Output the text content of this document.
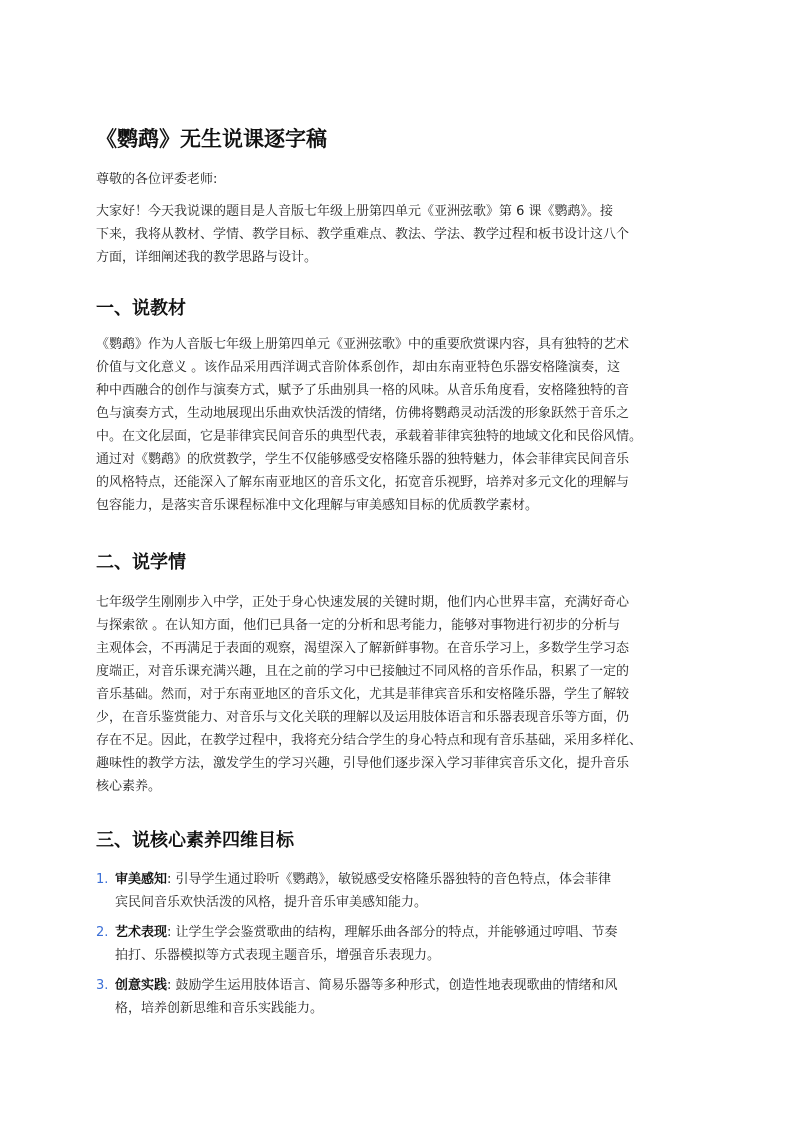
《鹦鹉》无生说课逐字稿
尊敬的各位评委老师:
大家好！今天我说课的题目是人音版七年级上册第四单元《亚洲弦歌》第 6 课《鹦鹉》。接
下来，我将从教材、学情、教学目标、教学重难点、教法、学法、教学过程和板书设计这八个
方面，详细阐述我的教学思路与设计。
一、说教材
《鹦鹉》作为人音版七年级上册第四单元《亚洲弦歌》中的重要欣赏课内容，具有独特的艺术
价值与文化意义 。该作品采用西洋调式音阶体系创作，却由东南亚特色乐器安格隆演奏，这
种中西融合的创作与演奏方式，赋予了乐曲别具一格的风味。从音乐角度看，安格隆独特的音
色与演奏方式，生动地展现出乐曲欢快活泼的情绪，仿佛将鹦鹉灵动活泼的形象跃然于音乐之
中。在文化层面，它是菲律宾民间音乐的典型代表，承载着菲律宾独特的地域文化和民俗风情。
通过对《鹦鹉》的欣赏教学，学生不仅能够感受安格隆乐器的独特魅力，体会菲律宾民间音乐
的风格特点，还能深入了解东南亚地区的音乐文化，拓宽音乐视野，培养对多元文化的理解与
包容能力，是落实音乐课程标准中文化理解与审美感知目标的优质教学素材。
二、说学情
七年级学生刚刚步入中学，正处于身心快速发展的关键时期，他们内心世界丰富，充满好奇心
与探索欲 。在认知方面，他们已具备一定的分析和思考能力，能够对事物进行初步的分析与
主观体会，不再满足于表面的观察，渴望深入了解新鲜事物。在音乐学习上，多数学生学习态
度端正，对音乐课充满兴趣，且在之前的学习中已接触过不同风格的音乐作品，积累了一定的
音乐基础。然而，对于东南亚地区的音乐文化，尤其是菲律宾音乐和安格隆乐器，学生了解较
少，在音乐鉴赏能力、对音乐与文化关联的理解以及运用肢体语言和乐器表现音乐等方面，仍
存在不足。因此，在教学过程中，我将充分结合学生的身心特点和现有音乐基础，采用多样化、
趣味性的教学方法，激发学生的学习兴趣，引导他们逐步深入学习菲律宾音乐文化，提升音乐
核心素养。
三、说核心素养四维目标
1. 审美感知: 引导学生通过聆听《鹦鹉》，敏锐感受安格隆乐器独特的音色特点，体会菲律
宾民间音乐欢快活泼的风格，提升音乐审美感知能力。
2. 艺术表现: 让学生学会鉴赏歌曲的结构，理解乐曲各部分的特点，并能够通过哼唱、节奏
拍打、乐器模拟等方式表现主题音乐，增强音乐表现力。
3. 创意实践: 鼓励学生运用肢体语言、简易乐器等多种形式，创造性地表现歌曲的情绪和风
格，培养创新思维和音乐实践能力。
